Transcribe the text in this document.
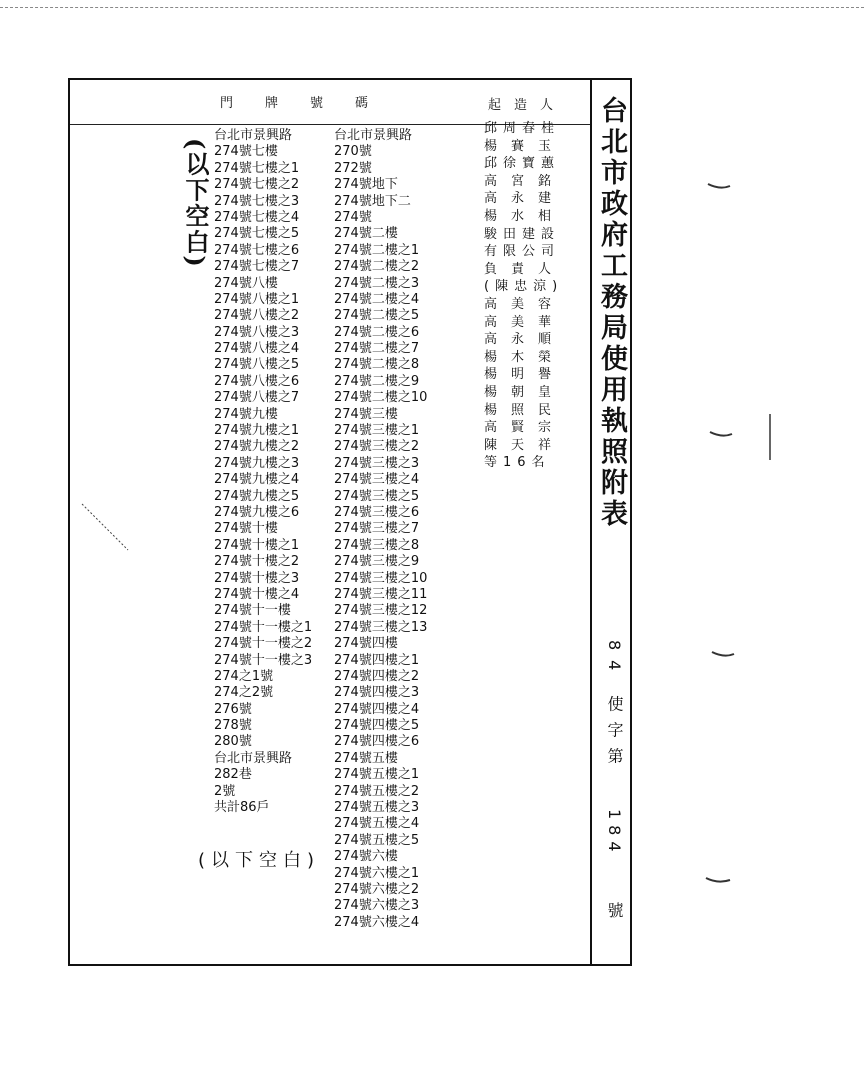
門　　牌　　號　　碼	起　造　人	台北市政府工務局使用執照附表
84 使字第 184 號
(以下空白)
台北市景興路
274號七樓
274號七樓之1
274號七樓之2
274號七樓之3
274號七樓之4
274號七樓之5
274號七樓之6
274號七樓之7
274號八樓
274號八樓之1
274號八樓之2
274號八樓之3
274號八樓之4
274號八樓之5
274號八樓之6
274號八樓之7
274號九樓
274號九樓之1
274號九樓之2
274號九樓之3
274號九樓之4
274號九樓之5
274號九樓之6
274號十樓
274號十樓之1
274號十樓之2
274號十樓之3
274號十樓之4
274號十一樓
274號十一樓之1
274號十一樓之2
274號十一樓之3
274之1號
274之2號
276號
278號
280號
台北市景興路
282巷
2號
共計86戶
台北市景興路
270號
272號
274號地下
274號地下二
274號
274號二樓
274號二樓之1
274號二樓之2
274號二樓之3
274號二樓之4
274號二樓之5
274號二樓之6
274號二樓之7
274號二樓之8
274號二樓之9
274號二樓之10
274號三樓
274號三樓之1
274號三樓之2
274號三樓之3
274號三樓之4
274號三樓之5
274號三樓之6
274號三樓之7
274號三樓之8
274號三樓之9
274號三樓之10
274號三樓之11
274號三樓之12
274號三樓之13
274號四樓
274號四樓之1
274號四樓之2
274號四樓之3
274號四樓之4
274號四樓之5
274號四樓之6
274號五樓
274號五樓之1
274號五樓之2
274號五樓之3
274號五樓之4
274號五樓之5
274號六樓
274號六樓之1
274號六樓之2
274號六樓之3
274號六樓之4
邱周春桂
楊賽玉
邱徐寶蕙
高宮銘
高永建
楊水相
駿田建設
有限公司
負責人
(陳忠涼)
高美容
高美華
高永順
楊木榮
楊明譽
楊朝皇
楊照民
高賢宗
陳天祥
等16名
(以下空白)
